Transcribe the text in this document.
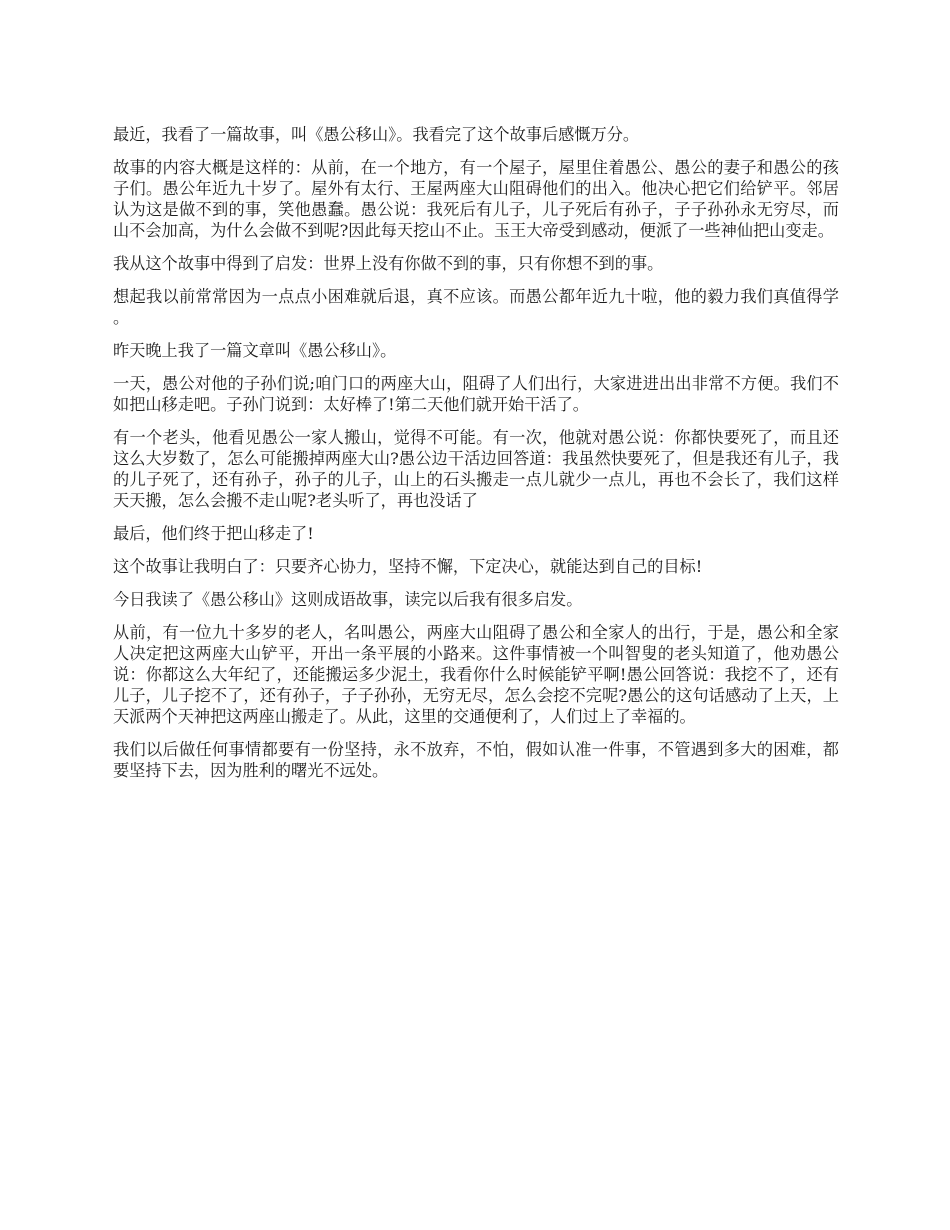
最近，我看了一篇故事，叫《愚公移山》。我看完了这个故事后感慨万分。

故事的内容大概是这样的：从前，在一个地方，有一个屋子，屋里住着愚公、愚公的妻子和愚公的孩子们。愚公年近九十岁了。屋外有太行、王屋两座大山阻碍他们的出入。他决心把它们给铲平。邻居认为这是做不到的事，笑他愚蠢。愚公说：我死后有儿子，儿子死后有孙子，子子孙孙永无穷尽，而山不会加高，为什么会做不到呢?因此每天挖山不止。玉王大帝受到感动，便派了一些神仙把山变走。

我从这个故事中得到了启发：世界上没有你做不到的事，只有你想不到的事。

想起我以前常常因为一点点小困难就后退，真不应该。而愚公都年近九十啦，他的毅力我们真值得学。

昨天晚上我了一篇文章叫《愚公移山》。

一天，愚公对他的子孙们说;咱门口的两座大山，阻碍了人们出行，大家进进出出非常不方便。我们不如把山移走吧。子孙门说到：太好棒了!第二天他们就开始干活了。

有一个老头，他看见愚公一家人搬山，觉得不可能。有一次，他就对愚公说：你都快要死了，而且还这么大岁数了，怎么可能搬掉两座大山?愚公边干活边回答道：我虽然快要死了，但是我还有儿子，我的儿子死了，还有孙子，孙子的儿子，山上的石头搬走一点儿就少一点儿，再也不会长了，我们这样天天搬，怎么会搬不走山呢?老头听了，再也没话了

最后，他们终于把山移走了!

这个故事让我明白了：只要齐心协力，坚持不懈，下定决心，就能达到自己的目标!

今日我读了《愚公移山》这则成语故事，读完以后我有很多启发。

从前，有一位九十多岁的老人，名叫愚公，两座大山阻碍了愚公和全家人的出行，于是，愚公和全家人决定把这两座大山铲平，开出一条平展的小路来。这件事情被一个叫智叟的老头知道了，他劝愚公说：你都这么大年纪了，还能搬运多少泥土，我看你什么时候能铲平啊!愚公回答说：我挖不了，还有儿子，儿子挖不了，还有孙子，子子孙孙，无穷无尽，怎么会挖不完呢?愚公的这句话感动了上天，上天派两个天神把这两座山搬走了。从此，这里的交通便利了，人们过上了幸福的。

我们以后做任何事情都要有一份坚持，永不放弃，不怕，假如认准一件事，不管遇到多大的困难，都要坚持下去，因为胜利的曙光不远处。
